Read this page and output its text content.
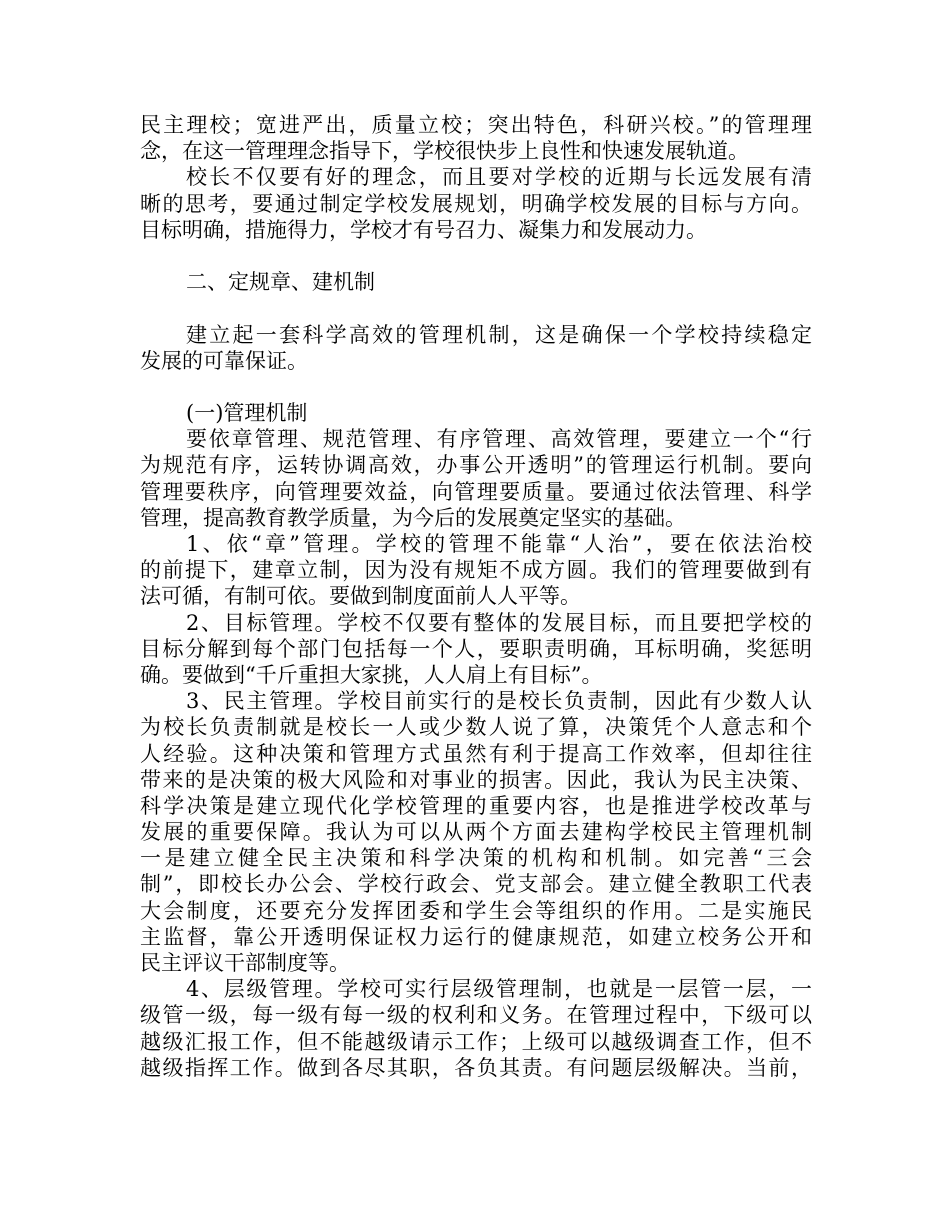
民主理校；宽进严出，质量立校；突出特色，科研兴校。”的管理理
念，在这一管理理念指导下，学校很快步上良性和快速发展轨道。
校长不仅要有好的理念，而且要对学校的近期与长远发展有清
晰的思考，要通过制定学校发展规划，明确学校发展的目标与方向。
目标明确，措施得力，学校才有号召力、凝集力和发展动力。
二、定规章、建机制
建立起一套科学高效的管理机制，这是确保一个学校持续稳定
发展的可靠保证。
(一)管理机制
要依章管理、规范管理、有序管理、高效管理，要建立一个“行
为规范有序，运转协调高效，办事公开透明”的管理运行机制。要向
管理要秩序，向管理要效益，向管理要质量。要通过依法管理、科学
管理，提高教育教学质量，为今后的发展奠定坚实的基础。
1、依“章”管理。学校的管理不能靠“人治”，要在依法治校
的前提下，建章立制，因为没有规矩不成方圆。我们的管理要做到有
法可循，有制可依。要做到制度面前人人平等。
2、目标管理。学校不仅要有整体的发展目标，而且要把学校的
目标分解到每个部门包括每一个人，要职责明确，耳标明确，奖惩明
确。要做到“千斤重担大家挑，人人肩上有目标”。
3、民主管理。学校目前实行的是校长负责制，因此有少数人认
为校长负责制就是校长一人或少数人说了算，决策凭个人意志和个
人经验。这种决策和管理方式虽然有利于提高工作效率，但却往往
带来的是决策的极大风险和对事业的损害。因此，我认为民主决策、
科学决策是建立现代化学校管理的重要内容，也是推进学校改革与
发展的重要保障。我认为可以从两个方面去建构学校民主管理机制
一是建立健全民主决策和科学决策的机构和机制。如完善“三会
制”，即校长办公会、学校行政会、党支部会。建立健全教职工代表
大会制度，还要充分发挥团委和学生会等组织的作用。二是实施民
主监督，靠公开透明保证权力运行的健康规范，如建立校务公开和
民主评议干部制度等。
4、层级管理。学校可实行层级管理制，也就是一层管一层，一
级管一级，每一级有每一级的权利和义务。在管理过程中，下级可以
越级汇报工作，但不能越级请示工作；上级可以越级调查工作，但不
越级指挥工作。做到各尽其职，各负其责。有问题层级解决。当前，
